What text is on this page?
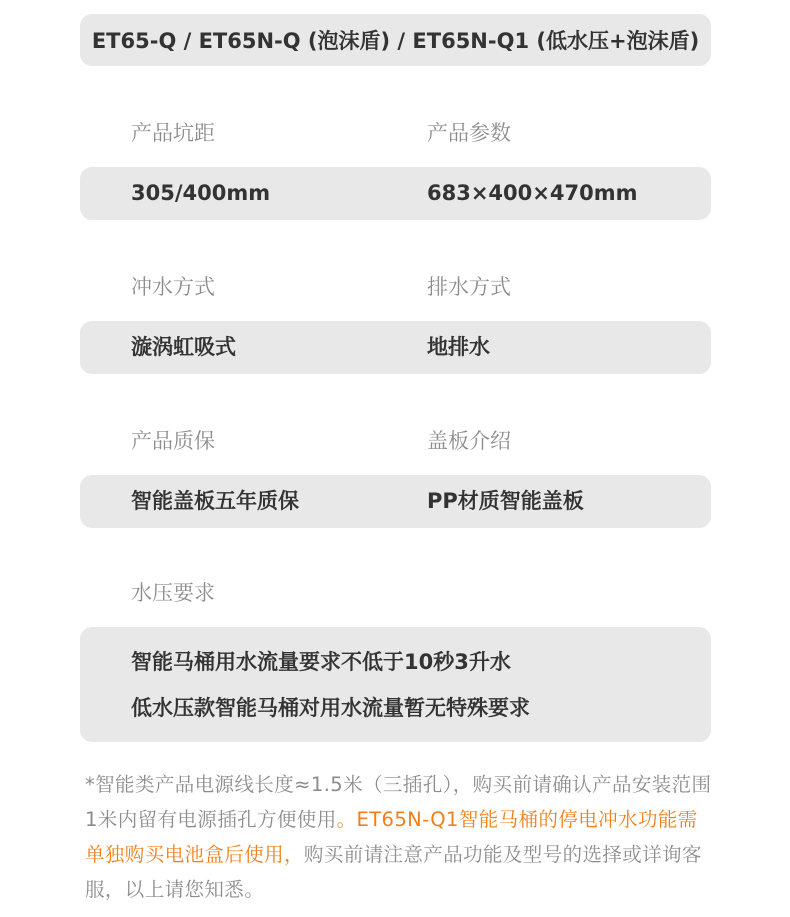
ET65-Q / ET65N-Q (泡沫盾) / ET65N-Q1 (低水压+泡沫盾)
产品坑距	产品参数
305/400mm	683×400×470mm
冲水方式	排水方式
漩涡虹吸式	地排水
产品质保	盖板介绍
智能盖板五年质保	PP材质智能盖板
水压要求
智能马桶用水流量要求不低于10秒3升水
低水压款智能马桶对用水流量暂无特殊要求
*智能类产品电源线长度≈1.5米（三插孔），购买前请确认产品安装范围1米内留有电源插孔方便使用。ET65N-Q1智能马桶的停电冲水功能需单独购买电池盒后使用，购买前请注意产品功能及型号的选择或详询客服，以上请您知悉。
